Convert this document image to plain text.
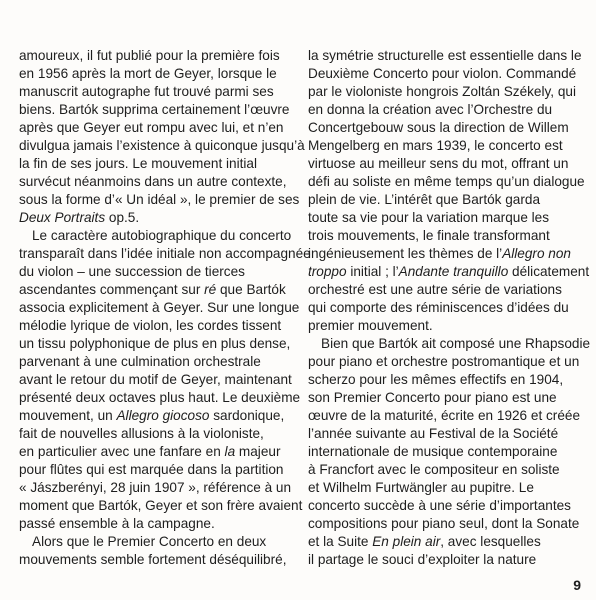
amoureux, il fut publié pour la première fois
en 1956 après la mort de Geyer, lorsque le
manuscrit autographe fut trouvé parmi ses
biens. Bartók supprima certainement l’œuvre
après que Geyer eut rompu avec lui, et n’en
divulgua jamais l’existence à quiconque jusqu’à
la fin de ses jours. Le mouvement initial
survécut néanmoins dans un autre contexte,
sous la forme d’« Un idéal », le premier de ses
Deux Portraits op.5.
Le caractère autobiographique du concerto
transparaît dans l’idée initiale non accompagnée
du violon – une succession de tierces
ascendantes commençant sur ré que Bartók
associa explicitement à Geyer. Sur une longue
mélodie lyrique de violon, les cordes tissent
un tissu polyphonique de plus en plus dense,
parvenant à une culmination orchestrale
avant le retour du motif de Geyer, maintenant
présenté deux octaves plus haut. Le deuxième
mouvement, un Allegro giocoso sardonique,
fait de nouvelles allusions à la violoniste,
en particulier avec une fanfare en la majeur
pour flûtes qui est marquée dans la partition
« Jászberényi, 28 juin 1907 », référence à un
moment que Bartók, Geyer et son frère avaient
passé ensemble à la campagne.
Alors que le Premier Concerto en deux
mouvements semble fortement déséquilibré,
la symétrie structurelle est essentielle dans le
Deuxième Concerto pour violon. Commandé
par le violoniste hongrois Zoltán Székely, qui
en donna la création avec l’Orchestre du
Concertgebouw sous la direction de Willem
Mengelberg en mars 1939, le concerto est
virtuose au meilleur sens du mot, offrant un
défi au soliste en même temps qu’un dialogue
plein de vie. L’intérêt que Bartók garda
toute sa vie pour la variation marque les
trois mouvements, le finale transformant
ingénieusement les thèmes de l’Allegro non
troppo initial ; l’Andante tranquillo délicatement
orchestré est une autre série de variations
qui comporte des réminiscences d’idées du
premier mouvement.
Bien que Bartók ait composé une Rhapsodie
pour piano et orchestre postromantique et un
scherzo pour les mêmes effectifs en 1904,
son Premier Concerto pour piano est une
œuvre de la maturité, écrite en 1926 et créée
l’année suivante au Festival de la Société
internationale de musique contemporaine
à Francfort avec le compositeur en soliste
et Wilhelm Furtwängler au pupitre. Le
concerto succède à une série d’importantes
compositions pour piano seul, dont la Sonate
et la Suite En plein air, avec lesquelles
il partage le souci d’exploiter la nature
9
